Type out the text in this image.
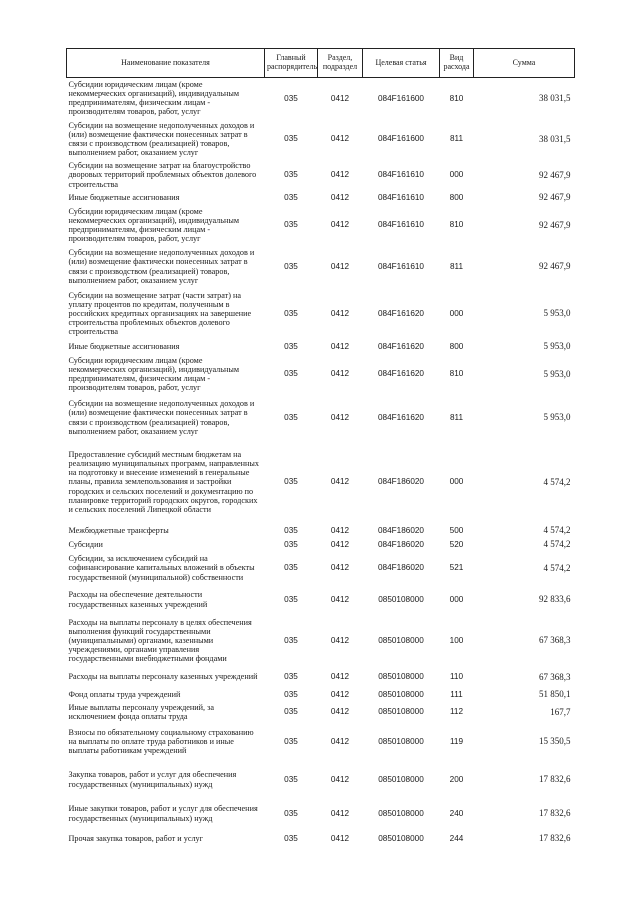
Наименование показателя	Главный распорядитель	Раздел, подраздел	Целевая статья	Вид расхода	Сумма
Субсидии юридическим лицам (кроме некоммерческих организаций), индивидуальным предпринимателям, физическим лицам - производителям товаров, работ, услуг	035	0412	084F161600	810	38 031,5
Субсидии на возмещение недополученных доходов и (или) возмещение фактически понесенных затрат в связи с производством (реализацией) товаров, выполнением работ, оказанием услуг	035	0412	084F161600	811	38 031,5
Субсидии на возмещение затрат на благоустройство дворовых территорий проблемных объектов долевого строительства	035	0412	084F161610	000	92 467,9
Иные бюджетные ассигнования	035	0412	084F161610	800	92 467,9
Субсидии юридическим лицам (кроме некоммерческих организаций), индивидуальным предпринимателям, физическим лицам - производителям товаров, работ, услуг	035	0412	084F161610	810	92 467,9
Субсидии на возмещение недополученных доходов и (или) возмещение фактически понесенных затрат в связи с производством (реализацией) товаров, выполнением работ, оказанием услуг	035	0412	084F161610	811	92 467,9
Субсидии на возмещение затрат (части затрат) на уплату процентов по кредитам, полученным в российских кредитных организациях на завершение строительства проблемных объектов долевого строительства	035	0412	084F161620	000	5 953,0
Иные бюджетные ассигнования	035	0412	084F161620	800	5 953,0
Субсидии юридическим лицам (кроме некоммерческих организаций), индивидуальным предпринимателям, физическим лицам - производителям товаров, работ, услуг	035	0412	084F161620	810	5 953,0
Субсидии на возмещение недополученных доходов и (или) возмещение фактически понесенных затрат в связи с производством (реализацией) товаров, выполнением работ, оказанием услуг	035	0412	084F161620	811	5 953,0
Предоставление субсидий местным бюджетам на реализацию муниципальных программ, направленных на подготовку и внесение изменений в генеральные планы, правила землепользования и застройки городских и сельских поселений и документацию по планировке территорий городских округов, городских и сельских поселений Липецкой области	035	0412	084F186020	000	4 574,2
Межбюджетные трансферты	035	0412	084F186020	500	4 574,2
Субсидии	035	0412	084F186020	520	4 574,2
Субсидии, за исключением субсидий на софинансирование капитальных вложений в объекты государственной (муниципальной) собственности	035	0412	084F186020	521	4 574,2
Расходы на обеспечение деятельности государственных казенных учреждений	035	0412	0850108000	000	92 833,6
Расходы на выплаты персоналу в целях обеспечения выполнения функций государственными (муниципальными) органами, казенными учреждениями, органами управления государственными внебюджетными фондами	035	0412	0850108000	100	67 368,3
Расходы на выплаты персоналу казенных учреждений	035	0412	0850108000	110	67 368,3
Фонд оплаты труда учреждений	035	0412	0850108000	111	51 850,1
Иные выплаты персоналу учреждений, за исключением фонда оплаты труда	035	0412	0850108000	112	167,7
Взносы по обязательному социальному страхованию на выплаты по оплате труда работников и иные выплаты работникам учреждений	035	0412	0850108000	119	15 350,5
Закупка товаров, работ и услуг для обеспечения государственных (муниципальных) нужд	035	0412	0850108000	200	17 832,6
Иные закупки товаров, работ и услуг для обеспечения государственных (муниципальных) нужд	035	0412	0850108000	240	17 832,6
Прочая закупка товаров, работ и услуг	035	0412	0850108000	244	17 832,6
